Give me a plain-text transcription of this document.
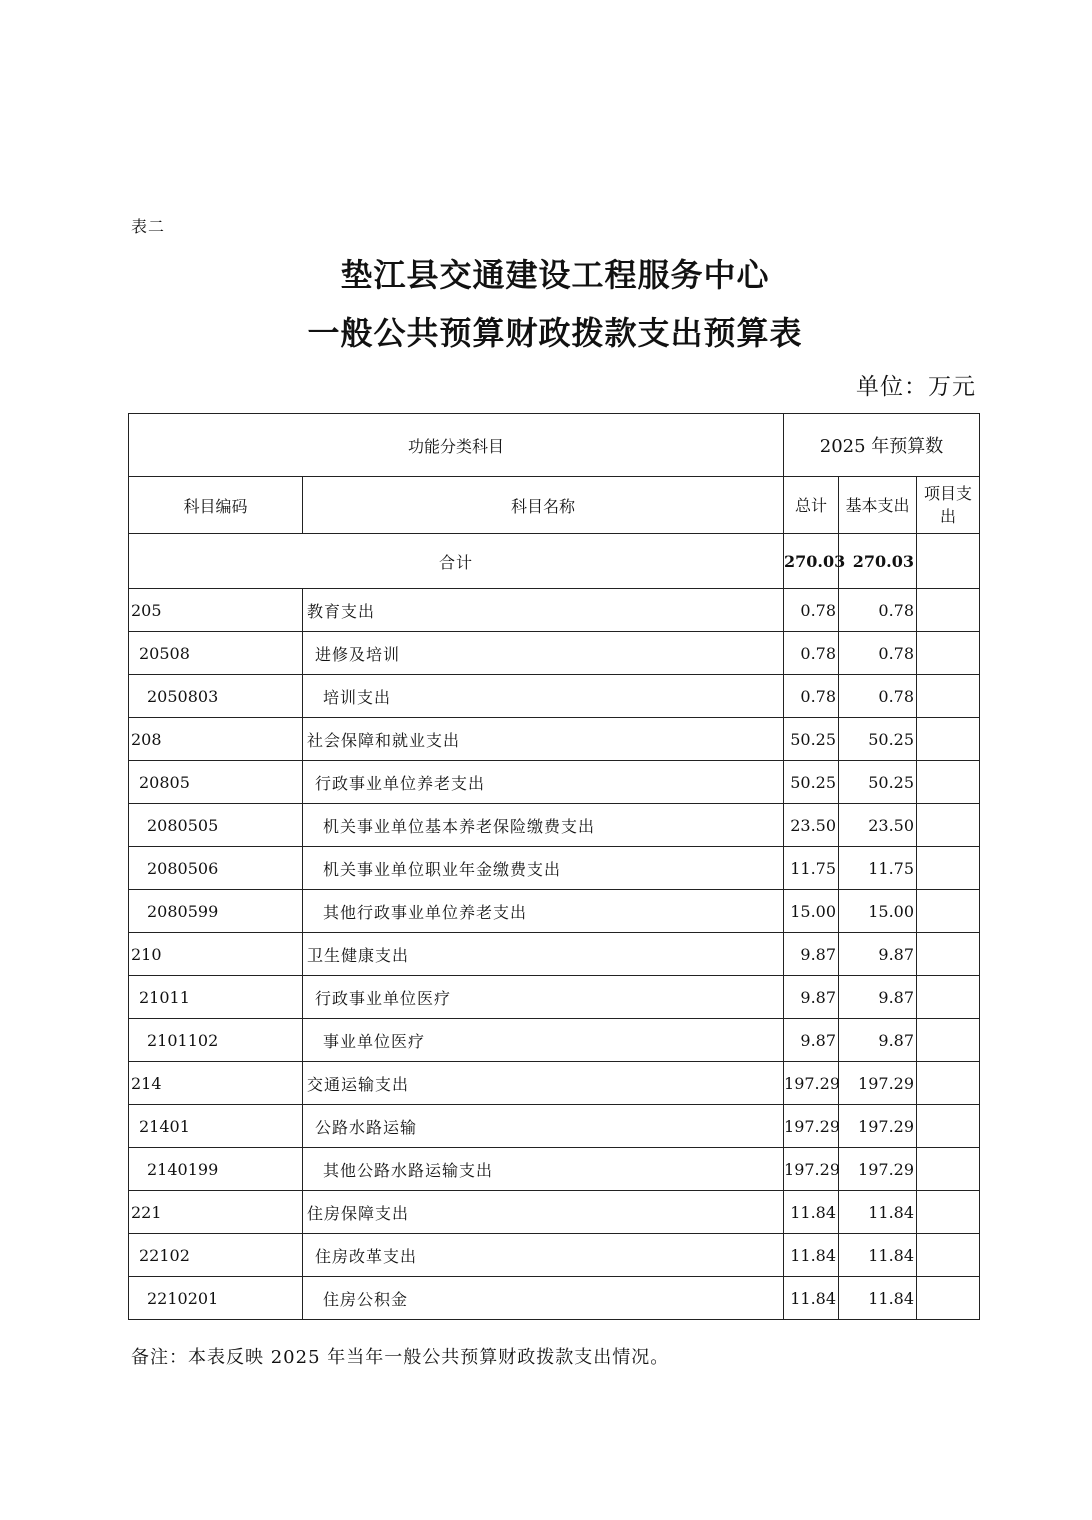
表二
垫江县交通建设工程服务中心
一般公共预算财政拨款支出预算表
单位：万元
功能分类科目		2025 年预算数		
科目编码	科目名称	总计	基本支出	项目支出
合计		270.03	270.03	
205	教育支出	0.78	0.78	
20508	进修及培训	0.78	0.78	
2050803	培训支出	0.78	0.78	
208	社会保障和就业支出	50.25	50.25	
20805	行政事业单位养老支出	50.25	50.25	
2080505	机关事业单位基本养老保险缴费支出	23.50	23.50	
2080506	机关事业单位职业年金缴费支出	11.75	11.75	
2080599	其他行政事业单位养老支出	15.00	15.00	
210	卫生健康支出	9.87	9.87	
21011	行政事业单位医疗	9.87	9.87	
2101102	事业单位医疗	9.87	9.87	
214	交通运输支出	197.29	197.29	
21401	公路水路运输	197.29	197.29	
2140199	其他公路水路运输支出	197.29	197.29	
221	住房保障支出	11.84	11.84	
22102	住房改革支出	11.84	11.84	
2210201	住房公积金	11.84	11.84	
备注：本表反映 2025 年当年一般公共预算财政拨款支出情况。
